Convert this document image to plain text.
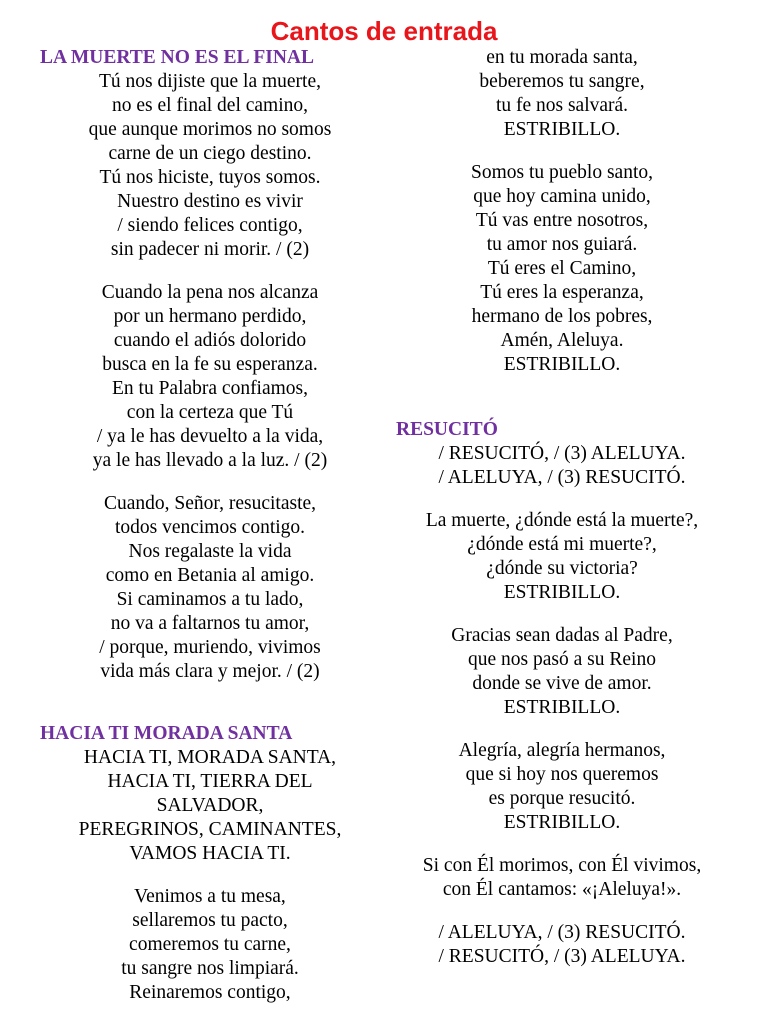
Cantos de entrada
LA MUERTE NO ES EL FINAL
Tú nos dijiste que la muerte,
no es el final del camino,
que aunque morimos no somos
carne de un ciego destino.
Tú nos hiciste, tuyos somos.
Nuestro destino es vivir
/ siendo felices contigo,
sin padecer ni morir. / (2)
Cuando la pena nos alcanza
por un hermano perdido,
cuando el adiós dolorido
busca en la fe su esperanza.
En tu Palabra confiamos,
con la certeza que Tú
/ ya le has devuelto a la vida,
ya le has llevado a la luz. / (2)
Cuando, Señor, resucitaste,
todos vencimos contigo.
Nos regalaste la vida
como en Betania al amigo.
Si caminamos a tu lado,
no va a faltarnos tu amor,
/ porque, muriendo, vivimos
vida más clara y mejor. / (2)
HACIA TI MORADA SANTA
HACIA TI, MORADA SANTA,
HACIA TI, TIERRA DEL
SALVADOR,
PEREGRINOS, CAMINANTES,
VAMOS HACIA TI.
Venimos a tu mesa,
sellaremos tu pacto,
comeremos tu carne,
tu sangre nos limpiará.
Reinaremos contigo,
en tu morada santa,
beberemos tu sangre,
tu fe nos salvará.
ESTRIBILLO.
Somos tu pueblo santo,
que hoy camina unido,
Tú vas entre nosotros,
tu amor nos guiará.
Tú eres el Camino,
Tú eres la esperanza,
hermano de los pobres,
Amén, Aleluya.
ESTRIBILLO.
RESUCITÓ
/ RESUCITÓ, / (3) ALELUYA.
/ ALELUYA, / (3) RESUCITÓ.
La muerte, ¿dónde está la muerte?,
¿dónde está mi muerte?,
¿dónde su victoria?
ESTRIBILLO.
Gracias sean dadas al Padre,
que nos pasó a su Reino
donde se vive de amor.
ESTRIBILLO.
Alegría, alegría hermanos,
que si hoy nos queremos
es porque resucitó.
ESTRIBILLO.
Si con Él morimos, con Él vivimos,
con Él cantamos: «¡Aleluya!».
/ ALELUYA, / (3) RESUCITÓ.
/ RESUCITÓ, / (3) ALELUYA.
